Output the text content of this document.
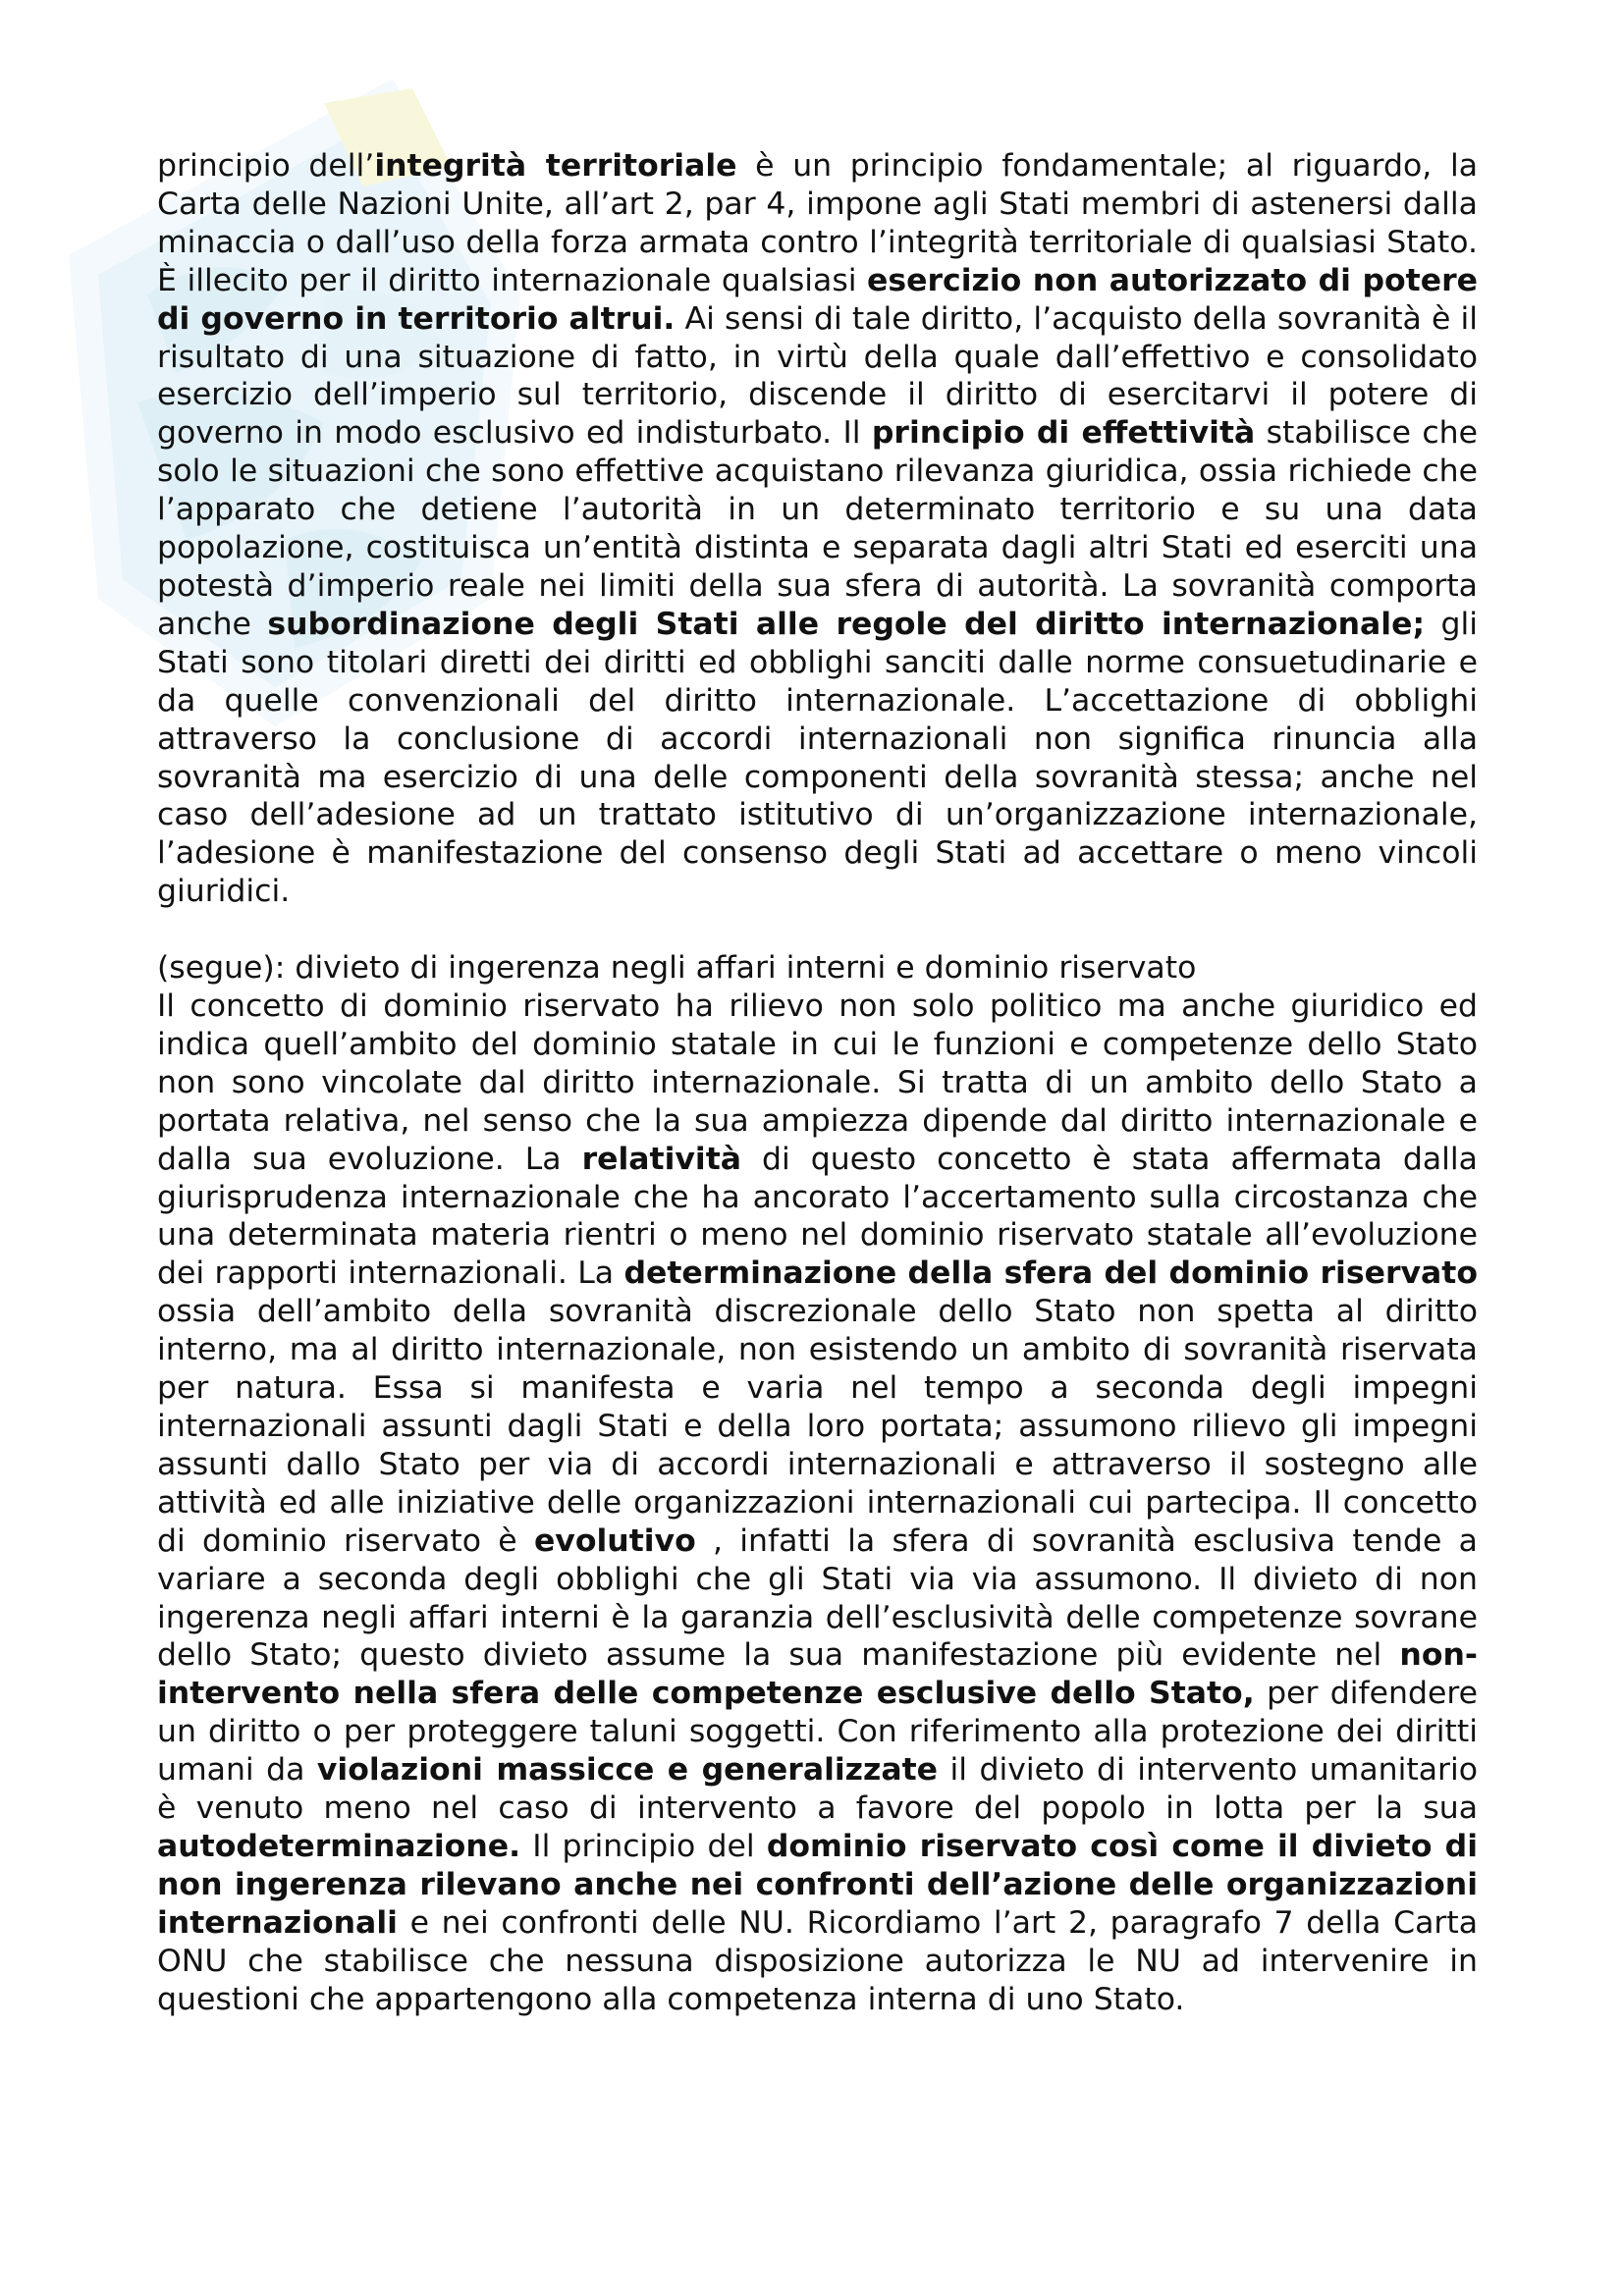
principio dell’integrità territoriale è un principio fondamentale; al riguardo, la Carta delle Nazioni Unite, all’art 2, par 4, impone agli Stati membri di astenersi dalla minaccia o dall’uso della forza armata contro l’integrità territoriale di qualsiasi Stato. È illecito per il diritto internazionale qualsiasi esercizio non autorizzato di potere di governo in territorio altrui. Ai sensi di tale diritto, l’acquisto della sovranità è il risultato di una situazione di fatto, in virtù della quale dall’effettivo e consolidato esercizio dell’imperio sul territorio, discende il diritto di esercitarvi il potere di governo in modo esclusivo ed indisturbato. Il principio di effettività stabilisce che solo le situazioni che sono effettive acquistano rilevanza giuridica, ossia richiede che l’apparato che detiene l’autorità in un determinato territorio e su una data popolazione, costituisca un’entità distinta e separata dagli altri Stati ed eserciti una potestà d’imperio reale nei limiti della sua sfera di autorità. La sovranità comporta anche subordinazione degli Stati alle regole del diritto internazionale; gli Stati sono titolari diretti dei diritti ed obblighi sanciti dalle norme consuetudinarie e da quelle convenzionali del diritto internazionale. L’accettazione di obblighi attraverso la conclusione di accordi internazionali non significa rinuncia alla sovranità ma esercizio di una delle componenti della sovranità stessa; anche nel caso dell’adesione ad un trattato istitutivo di un’organizzazione internazionale, l’adesione è manifestazione del consenso degli Stati ad accettare o meno vincoli giuridici.

(segue): divieto di ingerenza negli affari interni e dominio riservato

Il concetto di dominio riservato ha rilievo non solo politico ma anche giuridico ed indica quell’ambito del dominio statale in cui le funzioni e competenze dello Stato non sono vincolate dal diritto internazionale. Si tratta di un ambito dello Stato a portata relativa, nel senso che la sua ampiezza dipende dal diritto internazionale e dalla sua evoluzione. La relatività di questo concetto è stata affermata dalla giurisprudenza internazionale che ha ancorato l’accertamento sulla circostanza che una determinata materia rientri o meno nel dominio riservato statale all’evoluzione dei rapporti internazionali. La determinazione della sfera del dominio riservato ossia dell’ambito della sovranità discrezionale dello Stato non spetta al diritto interno, ma al diritto internazionale, non esistendo un ambito di sovranità riservata per natura. Essa si manifesta e varia nel tempo a seconda degli impegni internazionali assunti dagli Stati e della loro portata; assumono rilievo gli impegni assunti dallo Stato per via di accordi internazionali e attraverso il sostegno alle attività ed alle iniziative delle organizzazioni internazionali cui partecipa. Il concetto di dominio riservato è evolutivo , infatti la sfera di sovranità esclusiva tende a variare a seconda degli obblighi che gli Stati via via assumono. Il divieto di non ingerenza negli affari interni è la garanzia dell’esclusività delle competenze sovrane dello Stato; questo divieto assume la sua manifestazione più evidente nel non-intervento nella sfera delle competenze esclusive dello Stato, per difendere un diritto o per proteggere taluni soggetti. Con riferimento alla protezione dei diritti umani da violazioni massicce e generalizzate il divieto di intervento umanitario è venuto meno nel caso di intervento a favore del popolo in lotta per la sua autodeterminazione. Il principio del dominio riservato così come il divieto di non ingerenza rilevano anche nei confronti dell’azione delle organizzazioni internazionali e nei confronti delle NU. Ricordiamo l’art 2, paragrafo 7 della Carta ONU che stabilisce che nessuna disposizione autorizza le NU ad intervenire in questioni che appartengono alla competenza interna di uno Stato.
